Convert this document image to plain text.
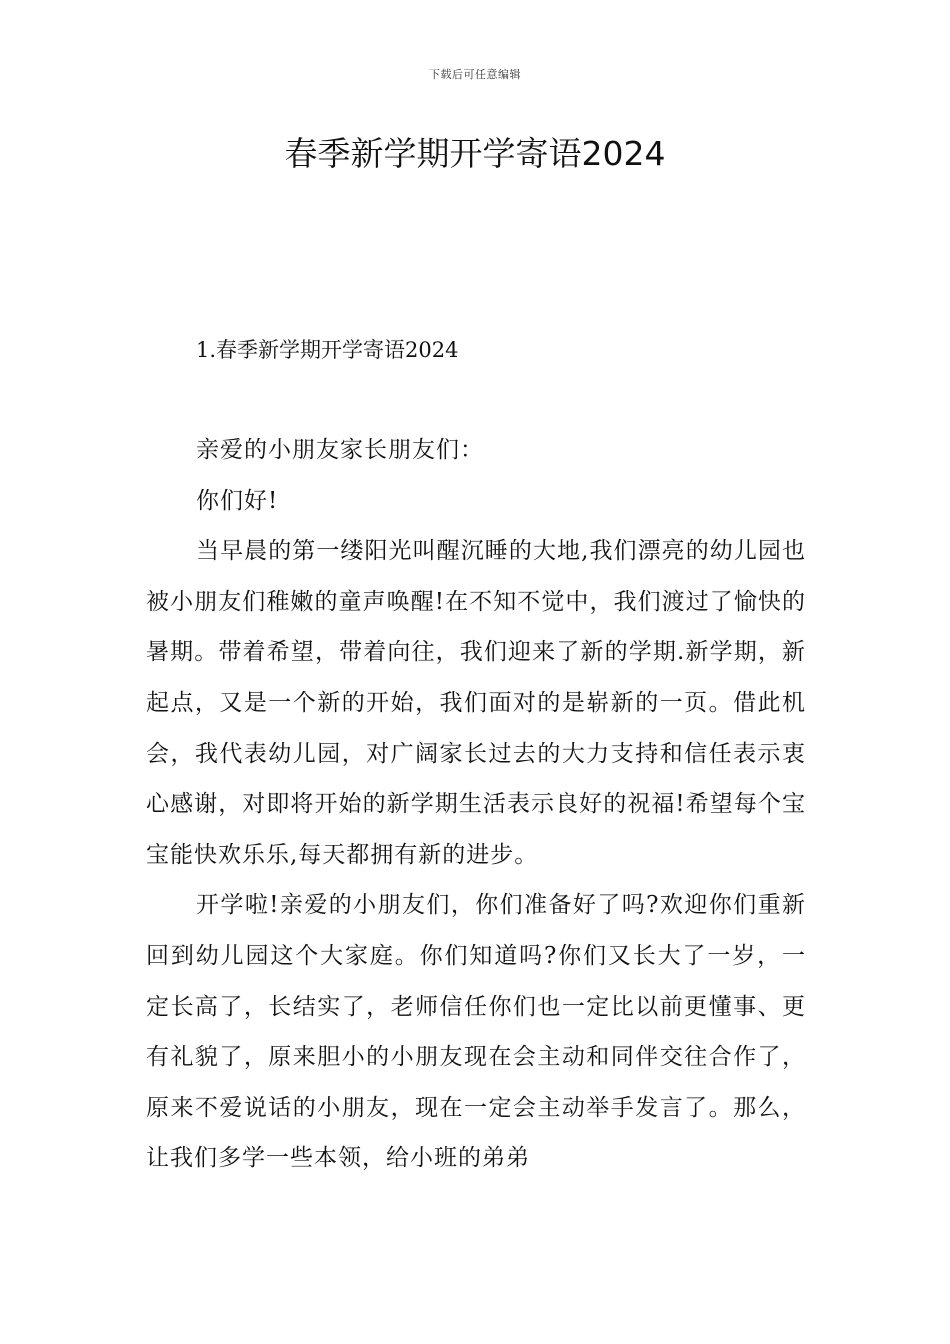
下载后可任意编辑
春季新学期开学寄语2024
1.春季新学期开学寄语2024

亲爱的小朋友家长朋友们：

你们好!

当早晨的第一缕阳光叫醒沉睡的大地,我们漂亮的幼儿园也被小朋友们稚嫩的童声唤醒!在不知不觉中，我们渡过了愉快的暑期。带着希望，带着向往，我们迎来了新的学期.新学期，新起点，又是一个新的开始，我们面对的是崭新的一页。借此机会，我代表幼儿园，对广阔家长过去的大力支持和信任表示衷心感谢，对即将开始的新学期生活表示良好的祝福!希望每个宝宝能快欢乐乐,每天都拥有新的进步。

开学啦!亲爱的小朋友们，你们准备好了吗?欢迎你们重新回到幼儿园这个大家庭。你们知道吗?你们又长大了一岁，一定长高了，长结实了，老师信任你们也一定比以前更懂事、更有礼貌了，原来胆小的小朋友现在会主动和同伴交往合作了，原来不爱说话的小朋友，现在一定会主动举手发言了。那么，让我们多学一些本领，给小班的弟弟
